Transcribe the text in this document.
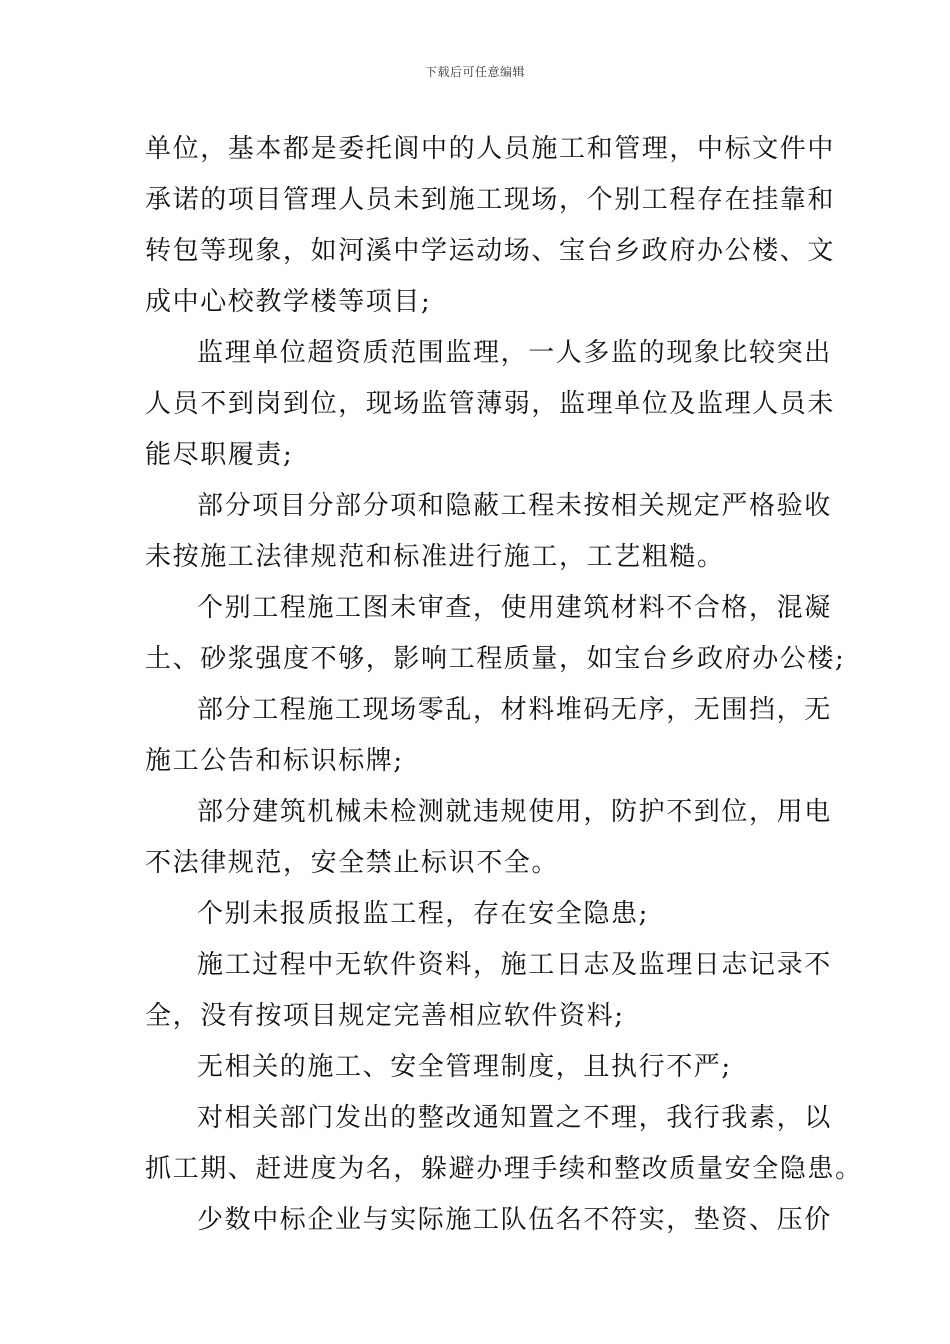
下载后可任意编辑
单位，基本都是委托阆中的人员施工和管理，中标文件中
承诺的项目管理人员未到施工现场，个别工程存在挂靠和
转包等现象，如河溪中学运动场、宝台乡政府办公楼、文
成中心校教学楼等项目;
监理单位超资质范围监理，一人多监的现象比较突出
人员不到岗到位，现场监管薄弱，监理单位及监理人员未
能尽职履责;
部分项目分部分项和隐蔽工程未按相关规定严格验收
未按施工法律规范和标准进行施工，工艺粗糙。
个别工程施工图未审查，使用建筑材料不合格，混凝
土、砂浆强度不够，影响工程质量，如宝台乡政府办公楼;
部分工程施工现场零乱，材料堆码无序，无围挡，无
施工公告和标识标牌;
部分建筑机械未检测就违规使用，防护不到位，用电
不法律规范，安全禁止标识不全。
个别未报质报监工程，存在安全隐患;
施工过程中无软件资料，施工日志及监理日志记录不
全，没有按项目规定完善相应软件资料;
无相关的施工、安全管理制度，且执行不严;
对相关部门发出的整改通知置之不理，我行我素，以
抓工期、赶进度为名，躲避办理手续和整改质量安全隐患。
少数中标企业与实际施工队伍名不符实，垫资、压价
